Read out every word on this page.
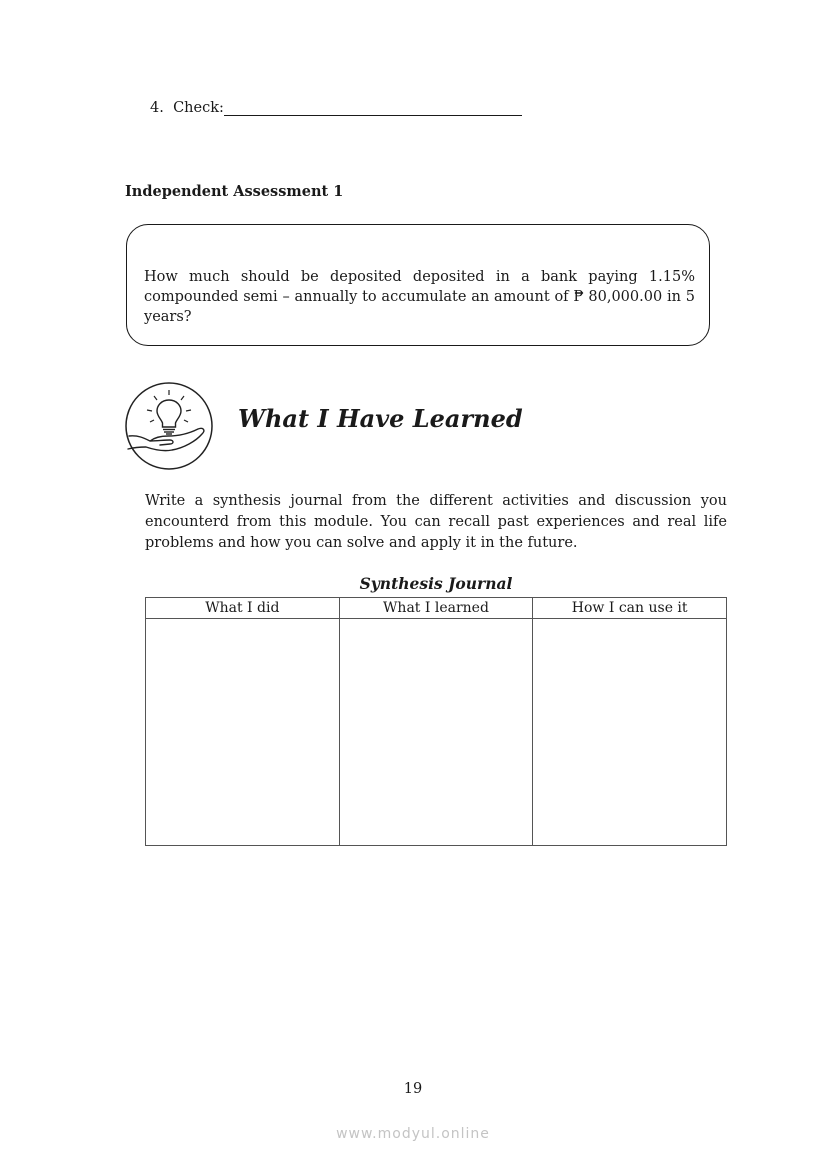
4. Check:
Independent Assessment 1
How much should be deposited deposited in a bank paying 1.15% compounded semi – annually to accumulate an amount of ₱ 80,000.00 in 5 years?
What I Have Learned
Write a synthesis journal from the different activities and discussion you encounterd from this module. You can recall past experiences and real life problems and how you can solve and apply it in the future.
Synthesis Journal
What I did	What I learned	How I can use it

19
www.modyul.online
